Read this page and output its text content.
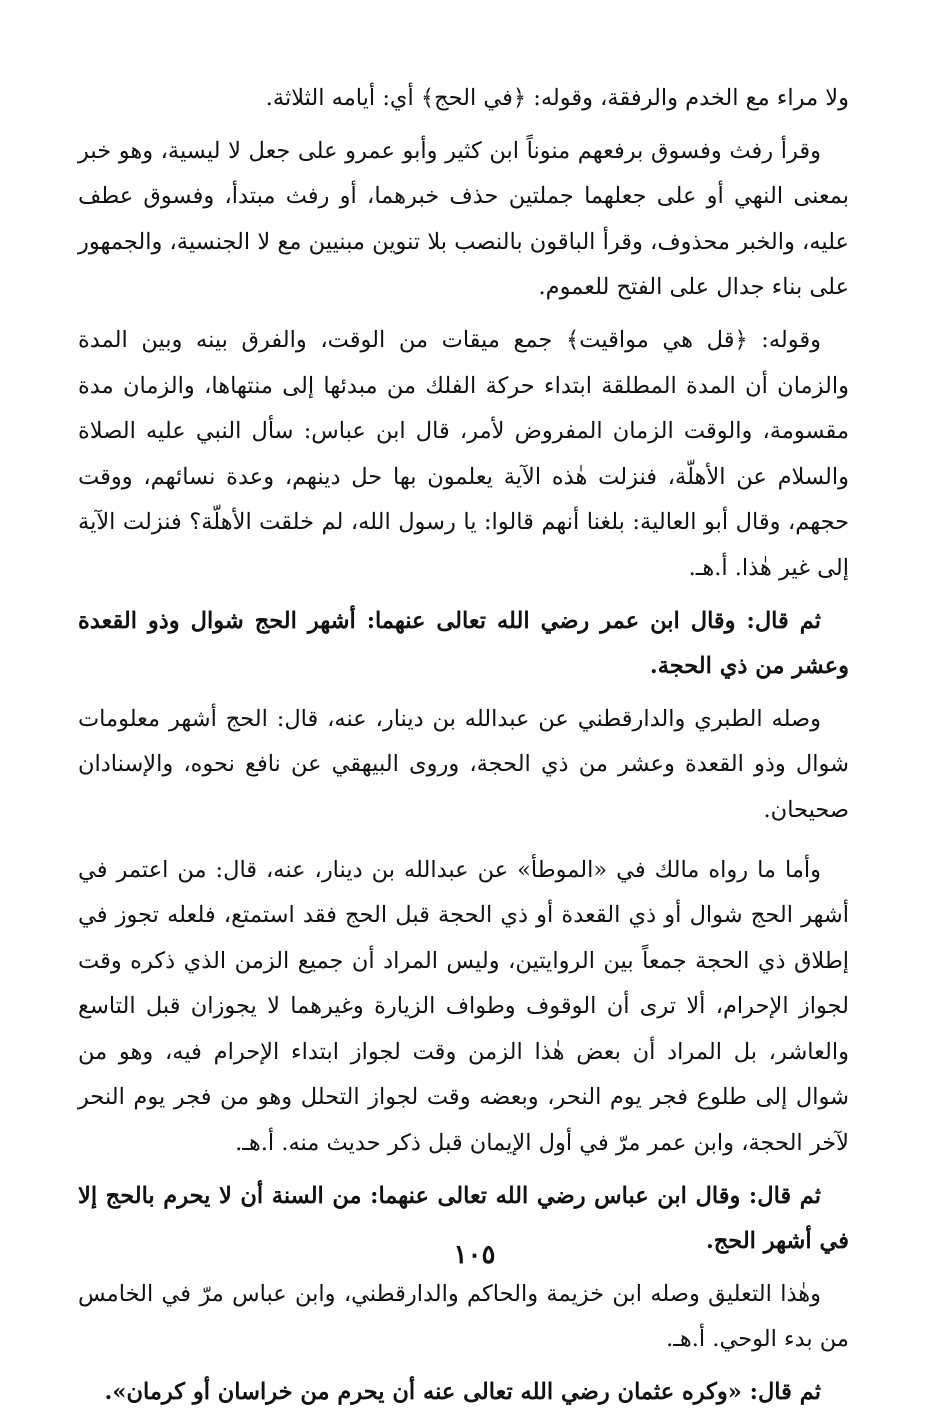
ولا مراء مع الخدم والرفقة، وقوله: ﴿في الحج﴾ أي: أيامه الثلاثة.

وقرأ رفث وفسوق برفعهم منوناً ابن كثير وأبو عمرو على جعل لا ليسية، وهو خبر بمعنى النهي أو على جعلهما جملتين حذف خبرهما، أو رفث مبتدأ، وفسوق عطف عليه، والخبر محذوف، وقرأ الباقون بالنصب بلا تنوين مبنيين مع لا الجنسية، والجمهور على بناء جدال على الفتح للعموم.

وقوله: ﴿قل هي مواقيت﴾ جمع ميقات من الوقت، والفرق بينه وبين المدة والزمان أن المدة المطلقة ابتداء حركة الفلك من مبدئها إلى منتهاها، والزمان مدة مقسومة، والوقت الزمان المفروض لأمر، قال ابن عباس: سأل النبي عليه الصلاة والسلام عن الأهلّة، فنزلت هٰذه الآية يعلمون بها حل دينهم، وعدة نسائهم، ووقت حجهم، وقال أبو العالية: بلغنا أنهم قالوا: يا رسول الله، لم خلقت الأهلّة؟ فنزلت الآية إلى غير هٰذا. أ.هـ.

ثم قال: وقال ابن عمر رضي الله تعالى عنهما: أشهر الحج شوال وذو القعدة وعشر من ذي الحجة.

وصله الطبري والدارقطني عن عبدالله بن دينار، عنه، قال: الحج أشهر معلومات شوال وذو القعدة وعشر من ذي الحجة، وروى البيهقي عن نافع نحوه، والإسنادان صحيحان.

وأما ما رواه مالك في «الموطأ» عن عبدالله بن دينار، عنه، قال: من اعتمر في أشهر الحج شوال أو ذي القعدة أو ذي الحجة قبل الحج فقد استمتع، فلعله تجوز في إطلاق ذي الحجة جمعاً بين الروايتين، وليس المراد أن جميع الزمن الذي ذكره وقت لجواز الإحرام، ألا ترى أن الوقوف وطواف الزيارة وغيرهما لا يجوزان قبل التاسع والعاشر، بل المراد أن بعض هٰذا الزمن وقت لجواز ابتداء الإحرام فيه، وهو من شوال إلى طلوع فجر يوم النحر، وبعضه وقت لجواز التحلل وهو من فجر يوم النحر لآخر الحجة، وابن عمر مرّ في أول الإيمان قبل ذكر حديث منه. أ.هـ.

ثم قال: وقال ابن عباس رضي الله تعالى عنهما: من السنة أن لا يحرم بالحج إلا في أشهر الحج.

وهٰذا التعليق وصله ابن خزيمة والحاكم والدارقطني، وابن عباس مرّ في الخامس من بدء الوحي. أ.هـ.

ثم قال: «وكره عثمان رضي الله تعالى عنه أن يحرم من خراسان أو كرمان».

١٠٥
